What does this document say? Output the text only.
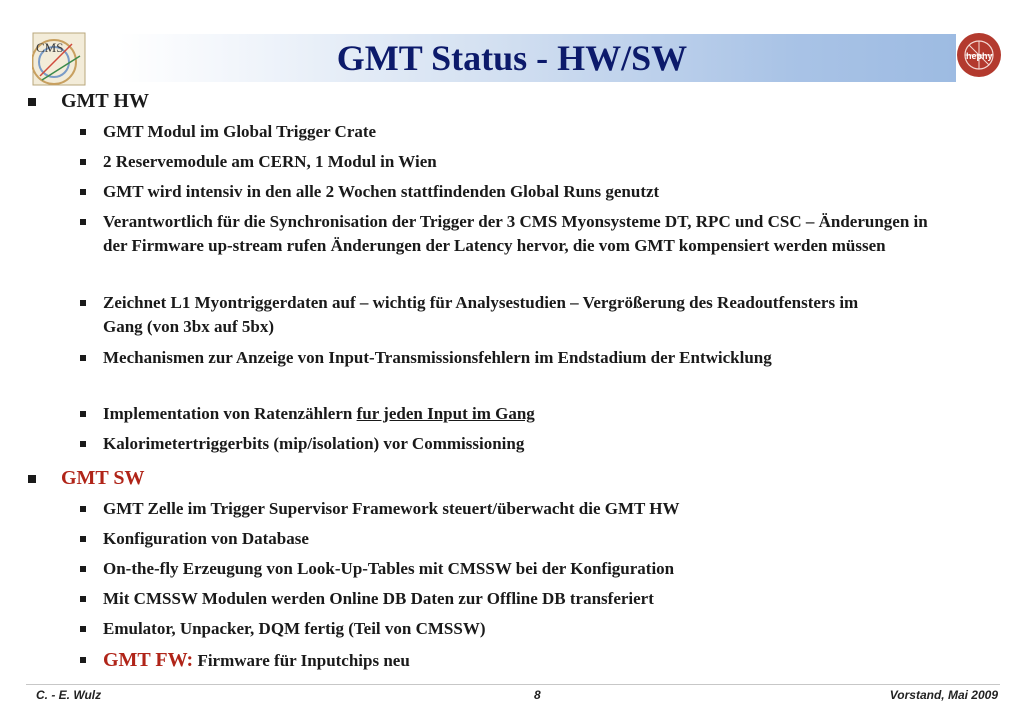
CMS
hephy
GMT Status - HW/SW
GMT HW
GMT Modul im Global Trigger Crate
2 Reservemodule am CERN, 1 Modul in Wien
GMT wird intensiv in den alle 2 Wochen stattfindenden Global Runs genutzt
Verantwortlich für die Synchronisation der Trigger der 3 CMS Myonsysteme DT, RPC und CSC – Änderungen in der Firmware up-stream rufen Änderungen der Latency hervor, die vom GMT kompensiert werden müssen
Zeichnet L1 Myontriggerdaten auf – wichtig für Analysestudien – Vergrößerung des Readoutfensters im Gang (von 3bx auf 5bx)
Mechanismen zur Anzeige von Input-Transmissionsfehlern im Endstadium der Entwicklung
Implementation von Ratenzählern fur jeden Input im Gang
Kalorimetertriggerbits (mip/isolation) vor Commissioning
GMT SW
GMT Zelle im Trigger Supervisor Framework steuert/überwacht die GMT HW
Konfiguration von Database
On-the-fly Erzeugung von Look-Up-Tables mit CMSSW bei der Konfiguration
Mit CMSSW Modulen werden Online DB Daten zur Offline DB transferiert
Emulator, Unpacker, DQM fertig (Teil von CMSSW)
GMT FW: Firmware für Inputchips neu
C. - E. Wulz	8	Vorstand, Mai 2009
